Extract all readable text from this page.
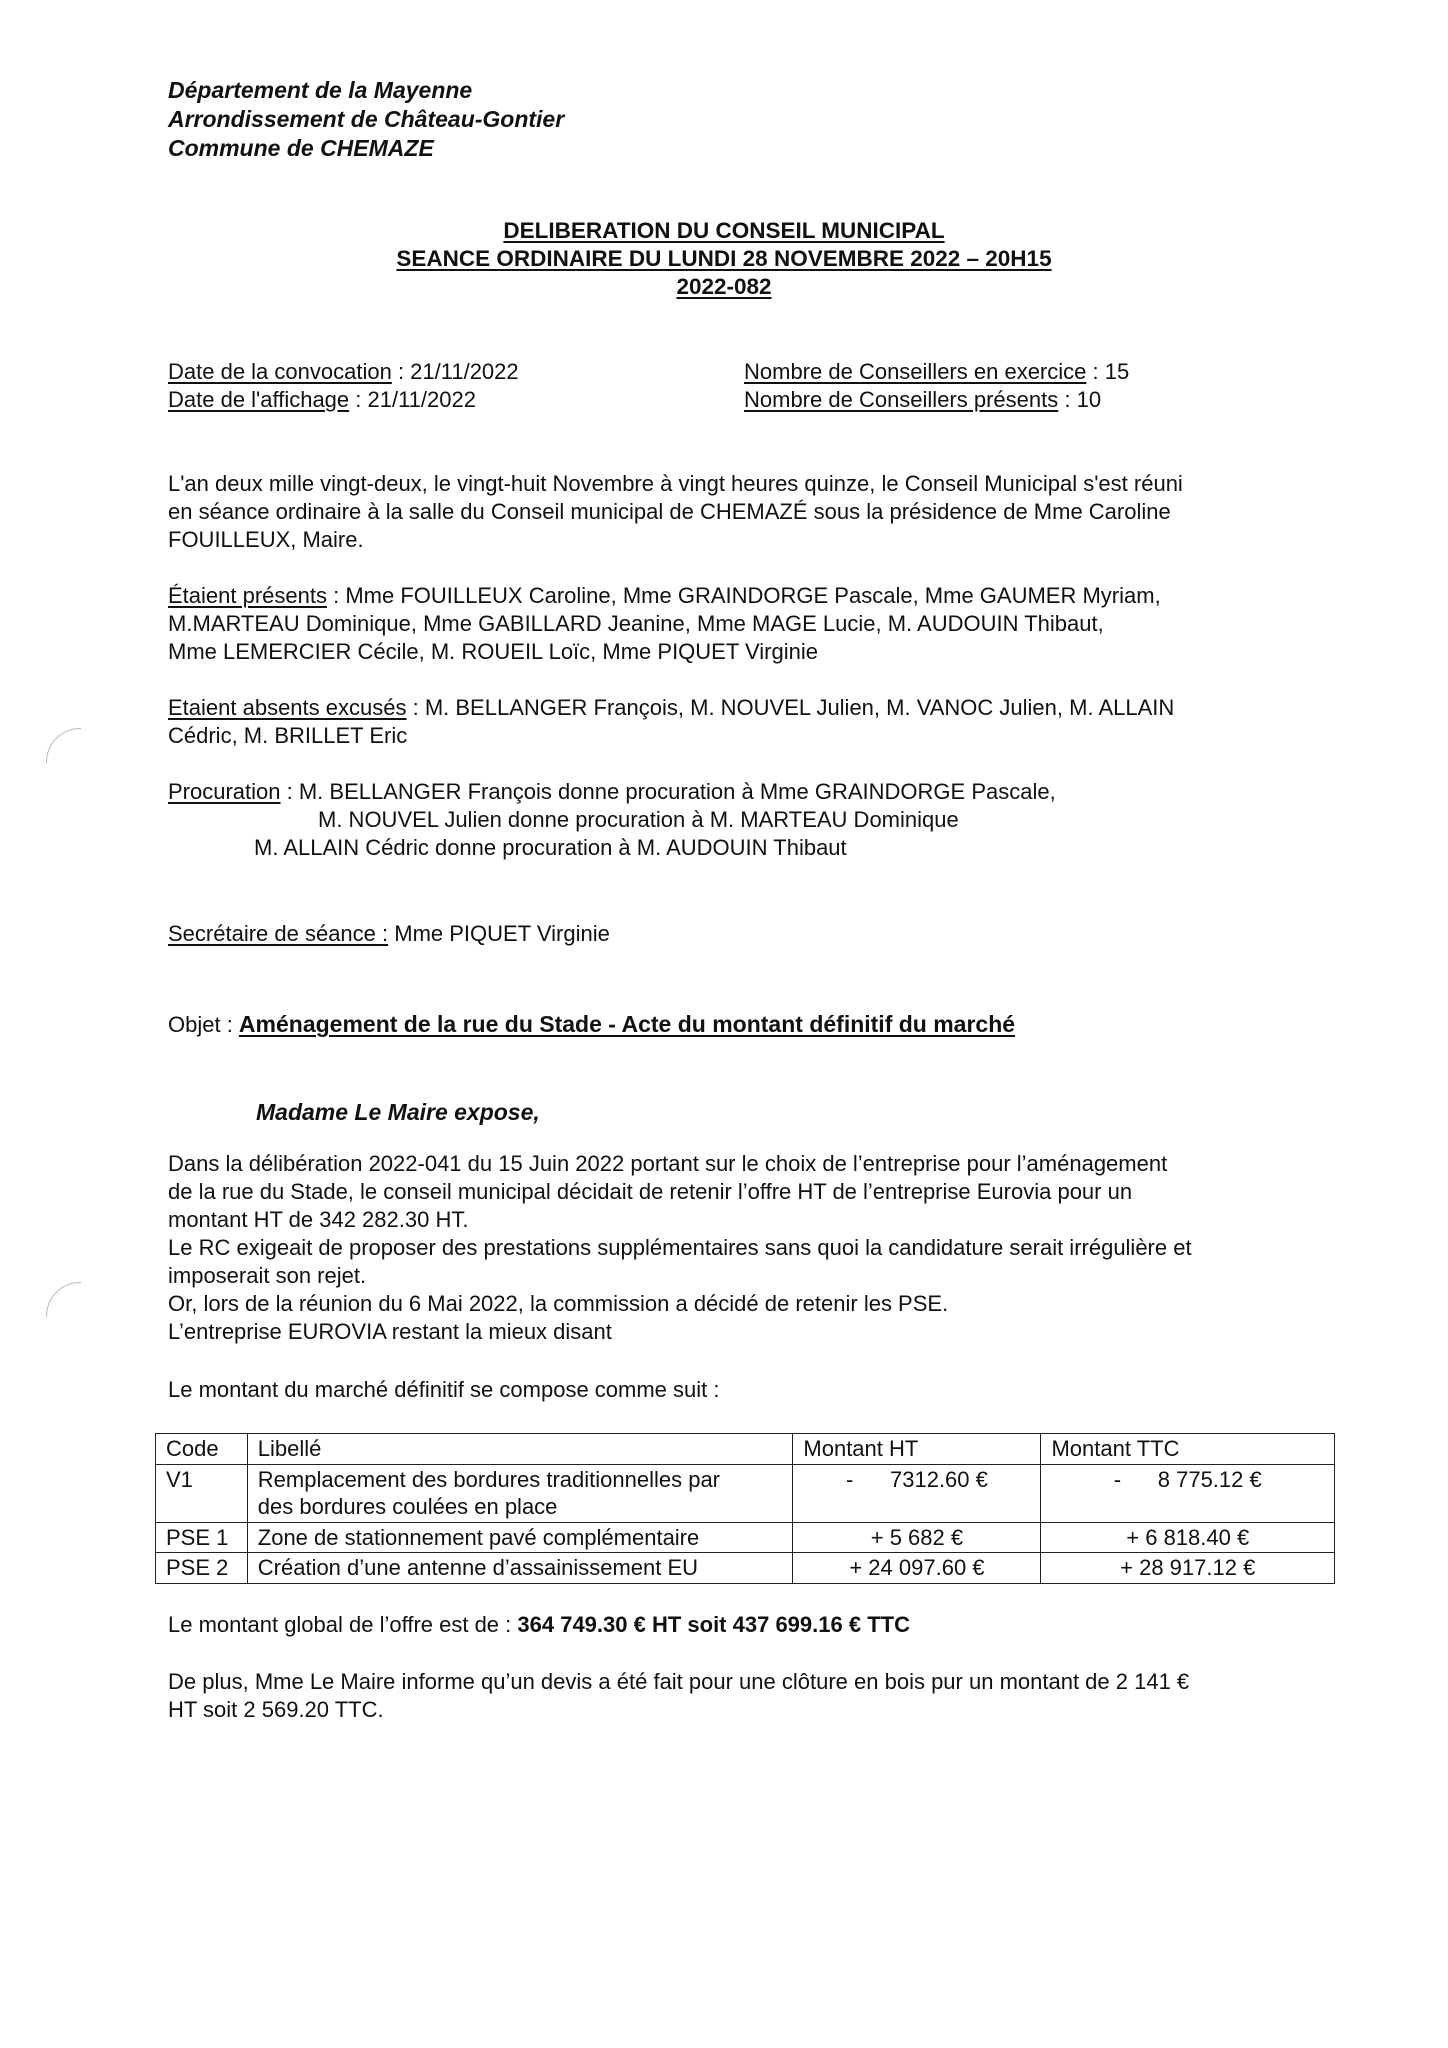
Département de la Mayenne
Arrondissement de Château-Gontier
Commune de CHEMAZE
DELIBERATION DU CONSEIL MUNICIPAL
SEANCE ORDINAIRE DU LUNDI 28 NOVEMBRE 2022 – 20H15
2022-082
Date de la convocation : 21/11/2022
Date de l'affichage : 21/11/2022
Nombre de Conseillers en exercice : 15
Nombre de Conseillers présents : 10
L'an deux mille vingt-deux, le vingt-huit Novembre à vingt heures quinze, le Conseil Municipal s'est réuni
en séance ordinaire à la salle du Conseil municipal de CHEMAZÉ sous la présidence de Mme Caroline
FOUILLEUX, Maire.
Étaient présents : Mme FOUILLEUX Caroline, Mme GRAINDORGE Pascale, Mme GAUMER Myriam,
M.MARTEAU Dominique, Mme GABILLARD Jeanine, Mme MAGE Lucie, M. AUDOUIN Thibaut,
Mme LEMERCIER Cécile, M. ROUEIL Loïc, Mme PIQUET Virginie
Etaient absents excusés : M. BELLANGER François, M. NOUVEL Julien, M. VANOC Julien, M. ALLAIN
Cédric, M. BRILLET Eric
Procuration : M. BELLANGER François donne procuration à Mme GRAINDORGE Pascale,
M. NOUVEL Julien donne procuration à M. MARTEAU Dominique
M. ALLAIN Cédric donne procuration à M. AUDOUIN Thibaut
Secrétaire de séance : Mme PIQUET Virginie
Objet : Aménagement de la rue du Stade - Acte du montant définitif du marché
Madame Le Maire expose,
Dans la délibération 2022-041 du 15 Juin 2022 portant sur le choix de l’entreprise pour l’aménagement
de la rue du Stade, le conseil municipal décidait de retenir l’offre HT de l’entreprise Eurovia pour un
montant HT de 342 282.30 HT.
Le RC exigeait de proposer des prestations supplémentaires sans quoi la candidature serait irrégulière et
imposerait son rejet.
Or, lors de la réunion du 6 Mai 2022, la commission a décidé de retenir les PSE.
L’entreprise EUROVIA restant la mieux disant
Le montant du marché définitif se compose comme suit :
Code	Libellé	Montant HT	Montant TTC
V1	Remplacement des bordures traditionnelles par
des bordures coulées en place	-      7312.60 €	-      8 775.12 €
PSE 1	Zone de stationnement pavé complémentaire	+ 5 682 €	+ 6 818.40 €
PSE 2	Création d’une antenne d’assainissement EU	+ 24 097.60 €	+ 28 917.12 €
Le montant global de l’offre est de : 364 749.30 € HT soit 437 699.16 € TTC
De plus, Mme Le Maire informe qu’un devis a été fait pour une clôture en bois pur un montant de 2 141 €
HT soit 2 569.20 TTC.
